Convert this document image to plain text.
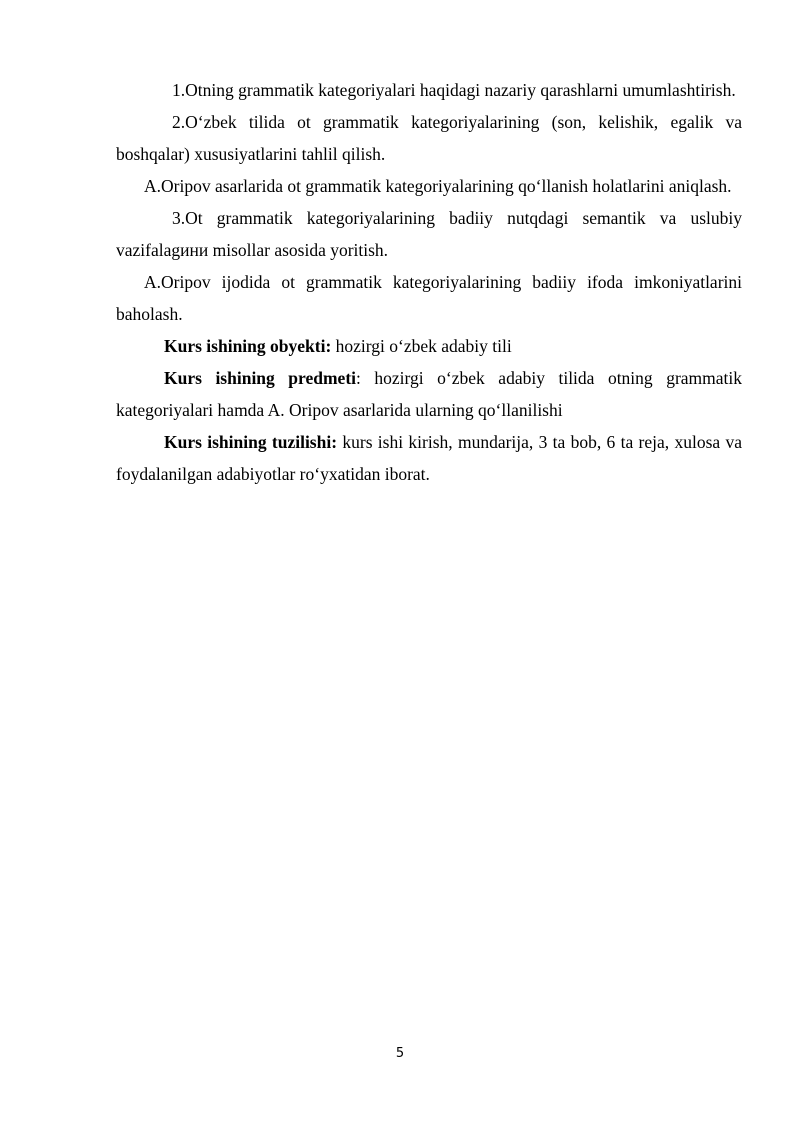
1.Otning grammatik kategoriyalari haqidagi nazariy qarashlarni umumlashtirish.

2.O‘zbek tilida ot grammatik kategoriyalarining (son, kelishik, egalik va boshqalar) xususiyatlarini tahlil qilish.

A.Oripov asarlarida ot grammatik kategoriyalarining qo‘llanish holatlarini aniqlash.

3.Ot grammatik kategoriyalarining badiiy nutqdagi semantik va uslubiy vazifalagини misollar asosida yoritish.

A.Oripov ijodida ot grammatik kategoriyalarining badiiy ifoda imkoniyatlarini baholash.

Kurs ishining obyekti: hozirgi o‘zbek adabiy tili

Kurs ishining predmeti: hozirgi o‘zbek adabiy tilida otning grammatik kategoriyalari hamda A. Oripov asarlarida ularning qo‘llanilishi

Kurs ishining tuzilishi: kurs ishi kirish, mundarija, 3 ta bob, 6 ta reja, xulosa va foydalanilgan adabiyotlar ro‘yxatidan iborat.

5
